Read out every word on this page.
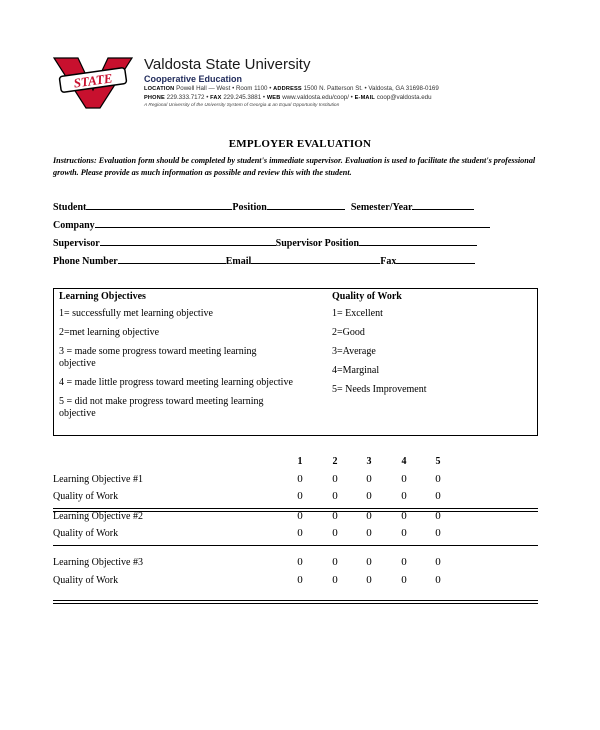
STATE
Valdosta State University
Cooperative Education
LOCATION Powell Hall — West • Room 1100 • ADDRESS 1500 N. Patterson St. • Valdosta, GA 31698-0169
PHONE 229.333.7172 • FAX 229.245.3881 • WEB www.valdosta.edu/coop/ • E-MAIL coop@valdosta.edu
A Regional University of the University System of Georgia & an Equal Opportunity Institution
EMPLOYER EVALUATION
Instructions: Evaluation form should be completed by student's immediate supervisor. Evaluation is used to facilitate the student's professional growth. Please provide as much information as possible and review this with the student.
Student	Position	Semester/Year
Company
Supervisor	Supervisor Position
Phone Number	Email	Fax
Learning Objectives
1= successfully met learning objective
2=met learning objective
3 = made some progress toward meeting learning objective
4 = made little progress toward meeting learning objective
5 = did not make progress toward meeting learning objective
Quality of Work
1= Excellent
2=Good
3=Average
4=Marginal
5= Needs Improvement
1	2	3	4	5
Learning Objective #1	0	0	0	0	0
Quality of Work	0	0	0	0	0
Learning Objective #2	0	0	0	0	0
Quality of Work	0	0	0	0	0
Learning Objective #3	0	0	0	0	0
Quality of Work	0	0	0	0	0
